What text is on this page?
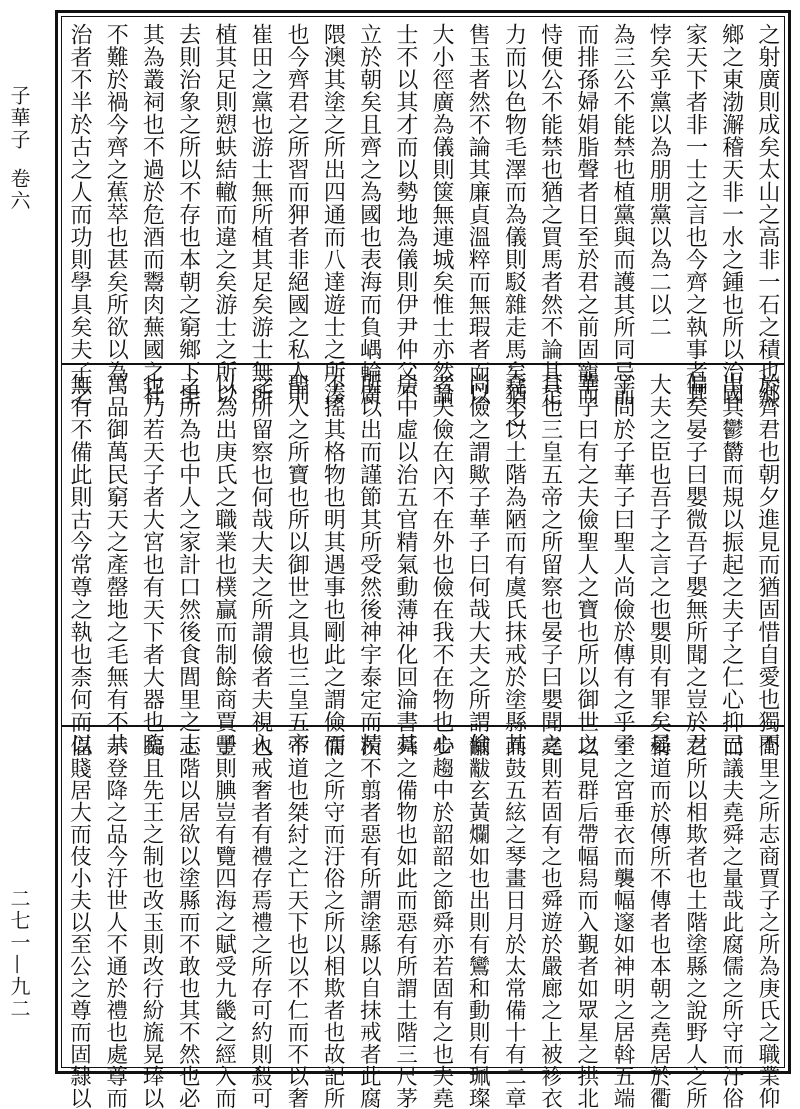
子華子
卷六
二七一—九二
之射廣則成矣太山之高非一石之積也鄉
鄉之東渤澥稽天非一水之鍾也所以治國
家天下者非一士之言也今齊之執事者其
悖矣乎黨以為朋朋黨以為二以二
為三公不能禁也植黨與而護其所同忌前
而排孫婦娟脂聲者日至於君之前固寵而
恃便公不能禁也猶之買馬者然不論其足
力而以色物毛澤而為儀則駁雜走馬矣猶之
售玉者然不論其廉貞溫粹而無瑕者而以
大小徑廣為儀則箧無連城矣惟士亦然論
士不以其才而以勢地為儀則伊尹仲父不
立於朝矣且齊之為國也表海而負嵎輪廣
隈澳其塗之所出四通而八達遊士之所湊
也今齊君之所習而狎者非絕國之私人則
崔田之黨也游士無所植其足矣游士無所
植其足則愬蚨結轍而違之矣游士之所以
去則治象之所以不存也本朝之窮鄉下里
其為叢祠也不過於危酒而鬻肉蕪國之社
不難於禍今齊之蕉萃也甚矣所欲以為
治者不半於古之人而功則學具矣夫子之
於齊君也朝夕進見而猶固惜自愛也獨不
出其鬱欝而規以振起之夫子之仁心抑已
偏矣晏子曰嬰微吾子嬰無所聞之豈於君
大夫之臣也吾子之言之也嬰則有罪矣晏
子問於子華子曰聖人尚儉於傳有之乎子
華子曰有之夫儉聖人之寶也所以御世之
具也三皇五帝之所留察也晏子曰嬰聞之
堯不以土階為陋而有虞氏抹戒於塗縣其
尚儉之謂歟子華子曰何哉大夫之所謂儉
者夫儉在內不在外也儉在我不在物也心
居中虛以治五官精氣動薄神化回淪書其
所以出而謹節其所受然後神宇泰定而精
不搖其格物也明其遇事也剛此之謂儉而
聖人之所寶也所以御世之具也三皇五帝
之所留察也何哉大夫之所謂儉者夫視入
以為出庚氏之職業也樸贏而制餘商賈子
之所為也中人之家計口然後食閭里之志
也乃若天子者大宮也有天下者大器也臨
萬品御萬民窮天之產罄地之毛無有不共
無有不備此則古今常尊之執也柰何而以
閭里之所志商賈子之所為庚氏之職業仰
而議夫堯舜之量哉此腐儒之所守而汙俗
之所以相欺者也土階塗縣之說野人之所
稱道而於傳所不傳者也本朝之堯居於衢
室之宮垂衣而襲幅邃如神明之居斡五端
以見群后帶幅舄而入覲者如眾星之拱北
堯則若固有之也舜遊於嚴廊之上被袗衣
而鼓五絃之琴畫日月於太常備十有二章
黼黻玄黃爛如也出則有鸞和動則有珮璨
步趨中於韶韶之節舜亦若固有之也夫堯
舜之備物也如此而惡有所謂土階三尺茅
茨不翦者惡有所謂塗縣以自抹戒者此腐
儒之所守而汙俗之所以相欺者也故記所
不道也桀紂之亡天下也以不仁而不以奢
也戒奢者有禮存焉禮之所存可約則殺可
豐則腆豈有覽四海之賦受九畿之經入而
土階以居欲以塗縣而不敢也其不然也必
矣且先王之制也改玉則改行紛旒晃琫以
示登降之品今汙世人不通於禮也處尊而
偪賤居大而伎小夫以至公之尊而固隸以
